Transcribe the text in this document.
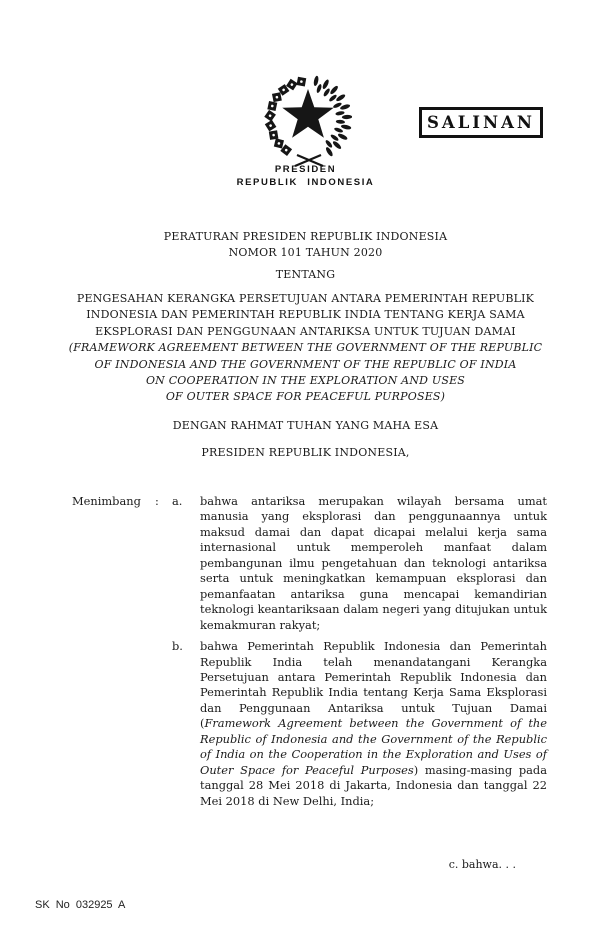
PRESIDEN
REPUBLIK INDONESIA
SALINAN
PERATURAN PRESIDEN REPUBLIK INDONESIA
NOMOR 101 TAHUN 2020
TENTANG
PENGESAHAN KERANGKA PERSETUJUAN ANTARA PEMERINTAH REPUBLIK
INDONESIA DAN PEMERINTAH REPUBLIK INDIA TENTANG KERJA SAMA
EKSPLORASI DAN PENGGUNAAN ANTARIKSA UNTUK TUJUAN DAMAI
(FRAMEWORK AGREEMENT BETWEEN THE GOVERNMENT OF THE REPUBLIC
OF INDONESIA AND THE GOVERNMENT OF THE REPUBLIC OF INDIA
ON COOPERATION IN THE EXPLORATION AND USES
OF OUTER SPACE FOR PEACEFUL PURPOSES)
DENGAN RAHMAT TUHAN YANG MAHA ESA
PRESIDEN REPUBLIK INDONESIA,
Menimbang	:	a.	bahwa antariksa merupakan wilayah bersama umat manusia yang eksplorasi dan penggunaannya untuk maksud damai dan dapat dicapai melalui kerja sama internasional untuk memperoleh manfaat dalam pembangunan ilmu pengetahuan dan teknologi antariksa serta untuk meningkatkan kemampuan eksplorasi dan pemanfaatan antariksa guna mencapai kemandirian teknologi keantariksaan dalam negeri yang ditujukan untuk kemakmuran rakyat;
b.	bahwa Pemerintah Republik Indonesia dan Pemerintah Republik India telah menandatangani Kerangka Persetujuan antara Pemerintah Republik Indonesia dan Pemerintah Republik India tentang Kerja Sama Eksplorasi dan Penggunaan Antariksa untuk Tujuan Damai (Framework Agreement between the Government of the Republic of Indonesia and the Government of the Republic of India on the Cooperation in the Exploration and Uses of Outer Space for Peaceful Purposes) masing-masing pada tanggal 28 Mei 2018 di Jakarta, Indonesia dan tanggal 22 Mei 2018 di New Delhi, India;
c. bahwa. . .
SK No 032925 A
